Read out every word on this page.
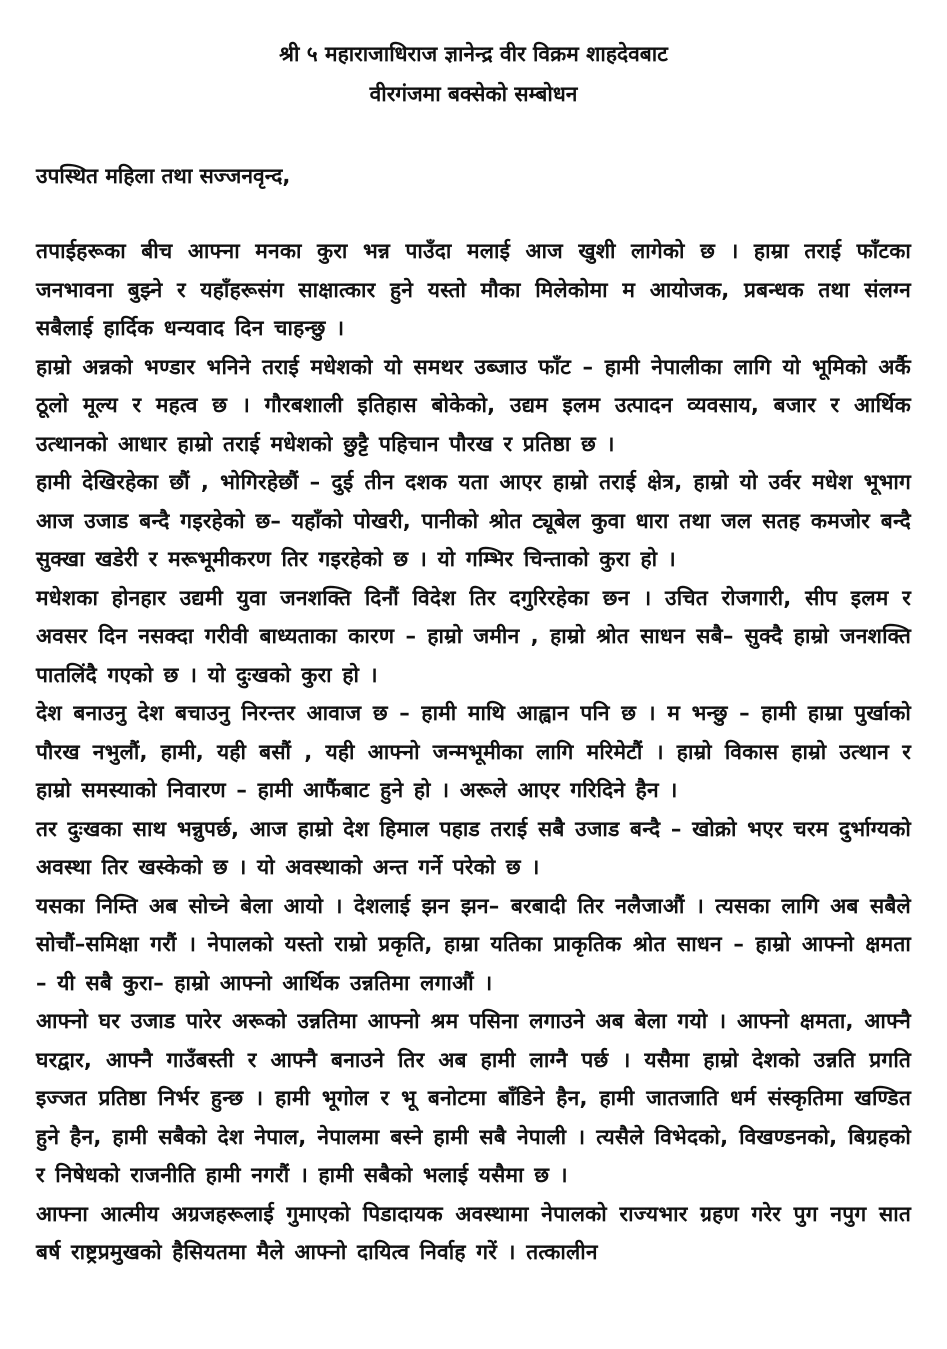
श्री ५ महाराजाधिराज ज्ञानेन्द्र वीर विक्रम शाहदेवबाट
वीरगंजमा बक्सेको सम्बोधन
उपस्थित महिला तथा सज्जनवृन्द,

तपाईहरूका बीच आफ्ना मनका कुरा भन्न पाउँदा मलाई आज खुशी लागेको छ । हाम्रा तराई फाँटका जनभावना बुझ्ने र यहाँहरूसंग साक्षात्कार हुने यस्तो मौका मिलेकोमा म आयोजक, प्रबन्धक तथा संलग्न सबैलाई हार्दिक धन्यवाद दिन चाहन्छु ।

हाम्रो अन्नको भण्डार भनिने तराई मधेशको यो समथर उब्जाउ फाँट – हामी नेपालीका लागि यो भूमिको अर्कै ठूलो मूल्य र महत्व छ । गौरबशाली इतिहास बोकेको, उद्यम इलम उत्पादन व्यवसाय, बजार र आर्थिक उत्थानको आधार हाम्रो तराई मधेशको छुट्टै पहिचान पौरख र प्रतिष्ठा छ ।

हामी देखिरहेका छौं , भोगिरहेछौं – दुई तीन दशक यता आएर हाम्रो तराई क्षेत्र, हाम्रो यो उर्वर मधेश भूभाग आज उजाड बन्दै गइरहेको छ– यहाँको पोखरी, पानीको श्रोत ट्यूबेल कुवा धारा तथा जल सतह कमजोर बन्दै सुक्खा खडेरी र मरूभूमीकरण तिर गइरहेको छ । यो गम्भिर चिन्ताको कुरा हो ।

मधेशका होनहार उद्यमी युवा जनशक्ति दिनौं विदेश तिर दगुरिरहेका छन । उचित रोजगारी, सीप इलम र अवसर दिन नसक्दा गरीवी बाध्यताका कारण – हाम्रो जमीन , हाम्रो श्रोत साधन सबै– सुक्दै हाम्रो जनशक्ति पातलिंदै गएको छ । यो दुःखको कुरा हो ।

देश बनाउनु देश बचाउनु निरन्तर आवाज छ – हामी माथि आह्वान पनि छ । म भन्छु – हामी हाम्रा पुर्खाको पौरख नभुलौं, हामी, यही बसौं , यही आफ्नो जन्मभूमीका लागि मरिमेटौं । हाम्रो विकास हाम्रो उत्थान र हाम्रो समस्याको निवारण – हामी आफैंबाट हुने हो । अरूले आएर गरिदिने हैन ।

तर दुःखका साथ भन्नुपर्छ, आज हाम्रो देश हिमाल पहाड तराई सबै उजाड बन्दै – खोक्रो भएर चरम दुर्भाग्यको अवस्था तिर खस्केको छ । यो अवस्थाको अन्त गर्ने परेको छ ।

यसका निम्ति अब सोच्ने बेला आयो । देशलाई झन झन– बरबादी तिर नलैजाऔं । त्यसका लागि अब सबैले सोचौं–समिक्षा गरौं । नेपालको यस्तो राम्रो प्रकृति, हाम्रा यतिका प्राकृतिक श्रोत साधन – हाम्रो आफ्नो क्षमता – यी सबै कुरा– हाम्रो आफ्नो आर्थिक उन्नतिमा लगाऔं ।

आफ्नो घर उजाड पारेर अरूको उन्नतिमा आफ्नो श्रम पसिना लगाउने अब बेला गयो । आफ्नो क्षमता, आफ्नै घरद्वार, आफ्नै गाउँबस्ती र आफ्नै बनाउने तिर अब हामी लाग्नै पर्छ । यसैमा हाम्रो देशको उन्नति प्रगति इज्जत प्रतिष्ठा निर्भर हुन्छ । हामी भूगोल र भू बनोटमा बाँडिने हैन, हामी जातजाति धर्म संस्कृतिमा खण्डित हुने हैन, हामी सबैको देश नेपाल, नेपालमा बस्ने हामी सबै नेपाली । त्यसैले विभेदको, विखण्डनको, बिग्रहको र निषेधको राजनीति हामी नगरौं । हामी सबैको भलाई यसैमा छ ।

आफ्ना आत्मीय अग्रजहरूलाई गुमाएको पिडादायक अवस्थामा नेपालको राज्यभार ग्रहण गरेर पुग नपुग सात बर्ष राष्ट्रप्रमुखको हैसियतमा मैले आफ्नो दायित्व निर्वाह गरें । तत्कालीन
